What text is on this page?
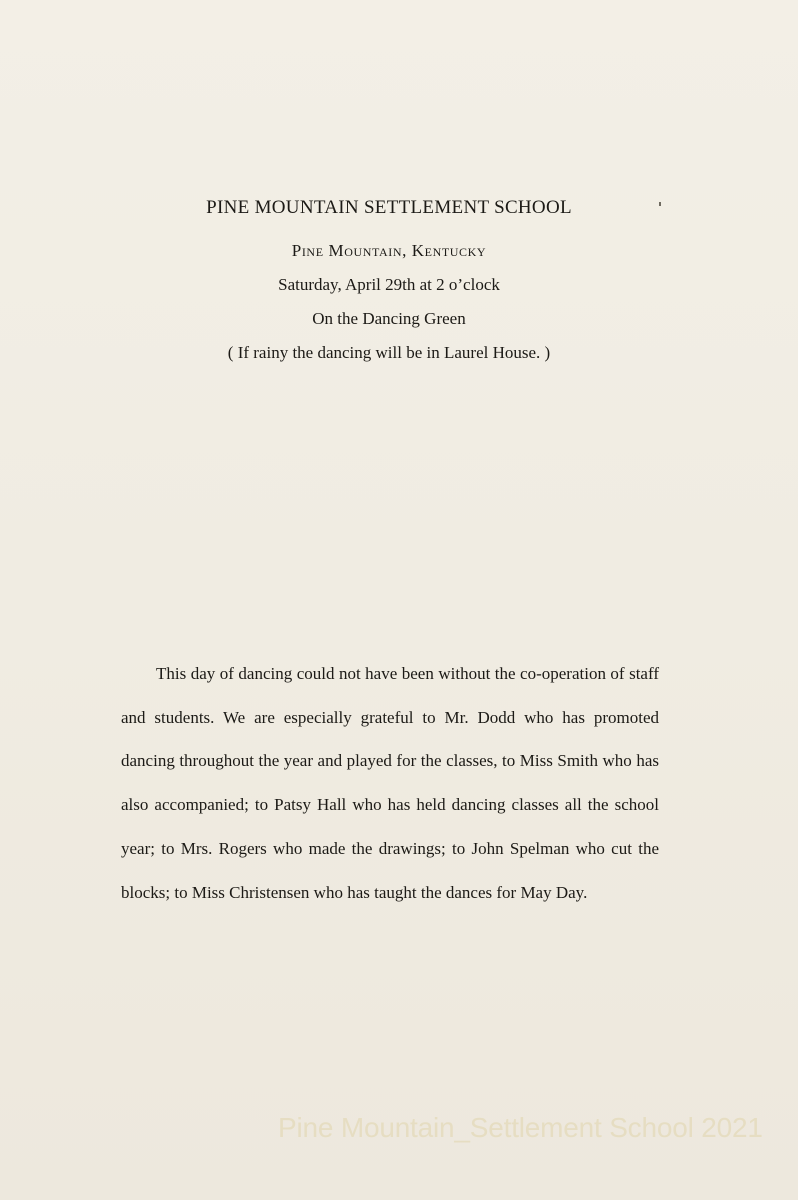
PINE MOUNTAIN SETTLEMENT SCHOOL
Pine Mountain, Kentucky
Saturday, April 29th at 2 o’clock
On the Dancing Green
( If rainy the dancing will be in Laurel House. )

This day of dancing could not have been without the co-operation of staff and students. We are especially grateful to Mr. Dodd who has promoted dancing throughout the year and played for the classes, to Miss Smith who has also accompanied; to Patsy Hall who has held dancing classes all the school year; to Mrs. Rogers who made the drawings; to John Spelman who cut the blocks; to Miss Christensen who has taught the dances for May Day.

Pine Mountain_Settlement School 2021
